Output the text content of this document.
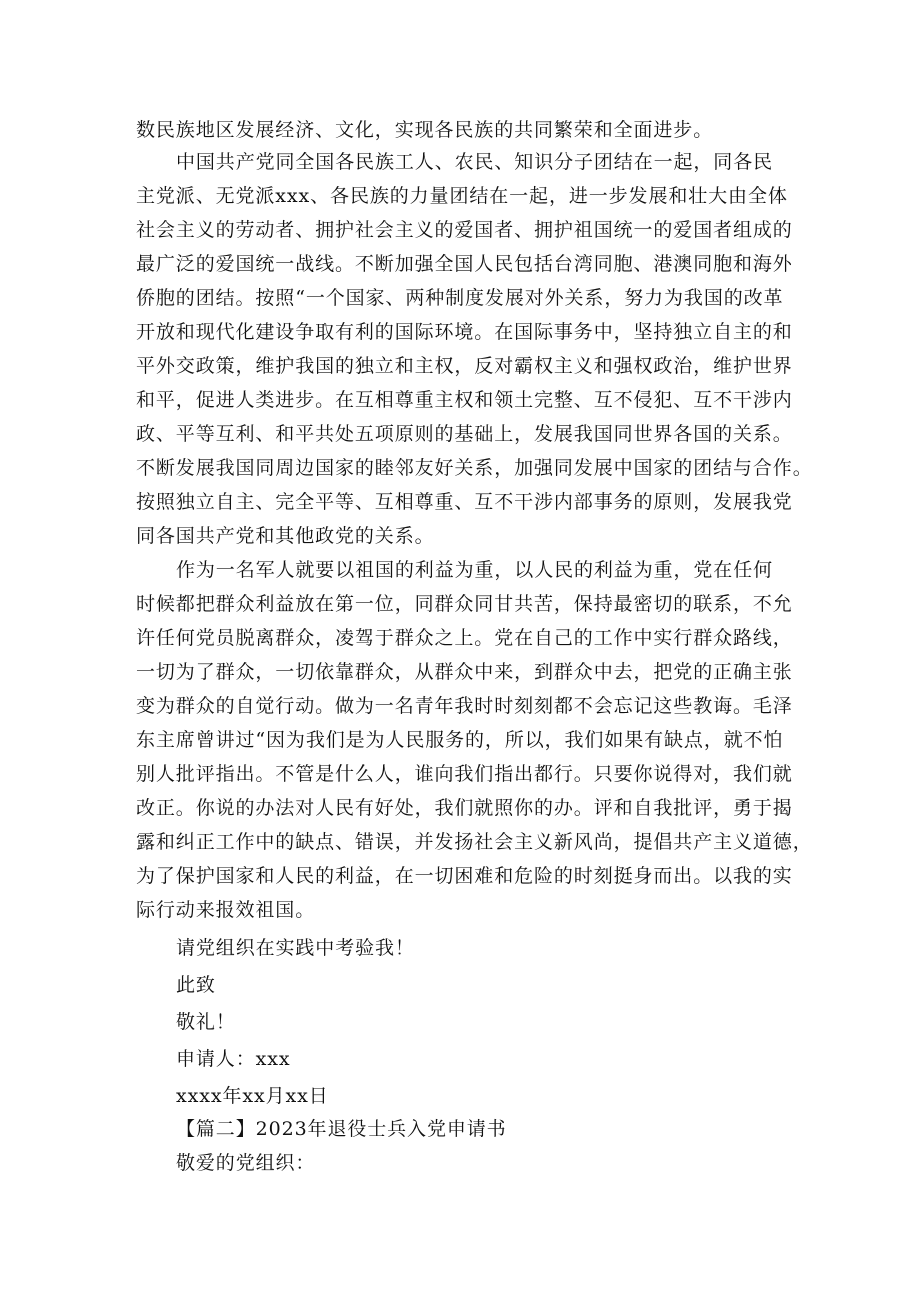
数民族地区发展经济、文化，实现各民族的共同繁荣和全面进步。
中国共产党同全国各民族工人、农民、知识分子团结在一起，同各民
主党派、无党派xxx、各民族的力量团结在一起，进一步发展和壮大由全体
社会主义的劳动者、拥护社会主义的爱国者、拥护祖国统一的爱国者组成的
最广泛的爱国统一战线。不断加强全国人民包括台湾同胞、港澳同胞和海外
侨胞的团结。按照“一个国家、两种制度发展对外关系，努力为我国的改革
开放和现代化建设争取有利的国际环境。在国际事务中，坚持独立自主的和
平外交政策，维护我国的独立和主权，反对霸权主义和强权政治，维护世界
和平，促进人类进步。在互相尊重主权和领土完整、互不侵犯、互不干涉内
政、平等互利、和平共处五项原则的基础上，发展我国同世界各国的关系。
不断发展我国同周边国家的睦邻友好关系，加强同发展中国家的团结与合作。
按照独立自主、完全平等、互相尊重、互不干涉内部事务的原则，发展我党
同各国共产党和其他政党的关系。
作为一名军人就要以祖国的利益为重，以人民的利益为重，党在任何
时候都把群众利益放在第一位，同群众同甘共苦，保持最密切的联系，不允
许任何党员脱离群众，凌驾于群众之上。党在自己的工作中实行群众路线，
一切为了群众，一切依靠群众，从群众中来，到群众中去，把党的正确主张
变为群众的自觉行动。做为一名青年我时时刻刻都不会忘记这些教诲。毛泽
东主席曾讲过“因为我们是为人民服务的，所以，我们如果有缺点，就不怕
别人批评指出。不管是什么人，谁向我们指出都行。只要你说得对，我们就
改正。你说的办法对人民有好处，我们就照你的办。评和自我批评，勇于揭
露和纠正工作中的缺点、错误，并发扬社会主义新风尚，提倡共产主义道德，
为了保护国家和人民的利益，在一切困难和危险的时刻挺身而出。以我的实
际行动来报效祖国。
请党组织在实践中考验我！
此致
敬礼！
申请人：xxx
xxxx年xx月xx日
【篇二】2023年退役士兵入党申请书
敬爱的党组织：
